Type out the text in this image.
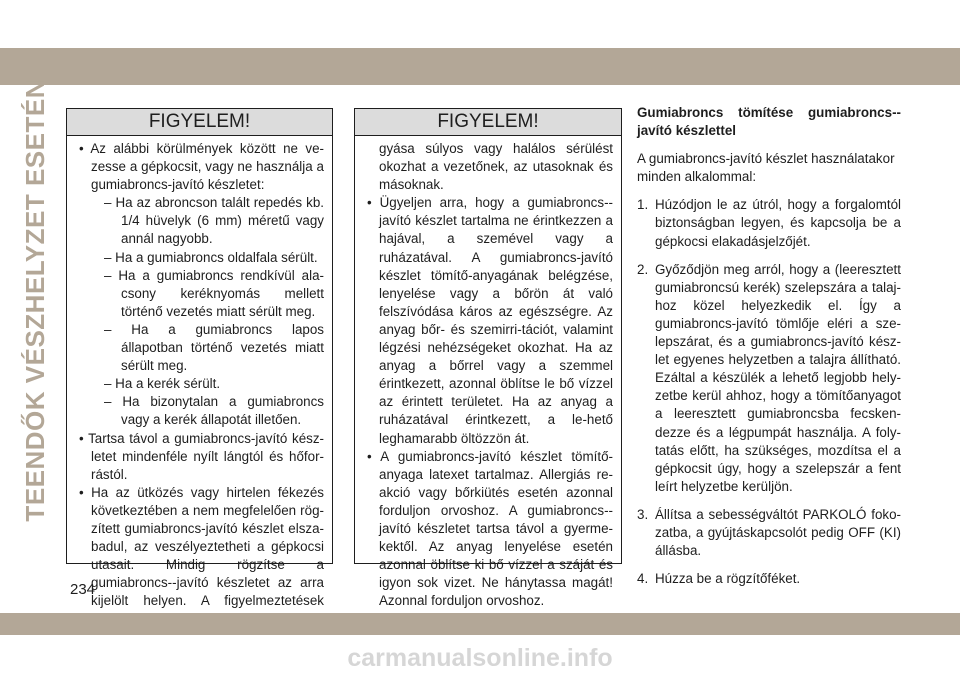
TEENDŐK VÉSZHELYZET ESETÉN	FIGYELEM!

• Az alábbi körülmények között ne ve-zesse a gépkocsit, vagy ne használja a gumiabroncs-javító készletet:

– Ha az abroncson talált repedés kb. 1/4 hüvelyk (6 mm) méretű vagy annál nagyobb.

– Ha a gumiabroncs oldalfala sérült.

– Ha a gumiabroncs rendkívül ala-csony keréknyomás mellett történő vezetés miatt sérült meg.

– Ha a gumiabroncs lapos állapotban történő vezetés miatt sérült meg.

– Ha a kerék sérült.

– Ha bizonytalan a gumiabroncs vagy a kerék állapotát illetően.

• Tartsa távol a gumiabroncs-javító kész-letet mindenféle nyílt lángtól és hőfor-rástól.

• Ha az ütközés vagy hirtelen fékezés következtében a nem megfelelően rög-zített gumiabroncs-javító készlet elsza-badul, az veszélyeztetheti a gépkocsi utasait. Mindig rögzítse a gumiabroncs--javító készletet az arra kijelölt helyen. A figyelmeztetések

FIGYELEM!

gyása súlyos vagy halálos sérülést okozhat a vezetőnek, az utasoknak és másoknak.

• Ügyeljen arra, hogy a gumiabroncs--javító készlet tartalma ne érintkezzen a hajával, a szemével vagy a ruházatával. A gumiabroncs-javító készlet tömítő-anyagának belégzése, lenyelése vagy a bőrön át való felszívódása káros az egészségre. Az anyag bőr- és szemirri-tációt, valamint légzési nehézségeket okozhat. Ha az anyag a bőrrel vagy a szemmel érintkezett, azonnal öblítse le bő vízzel az érintett területet. Ha az anyag a ruházatával érintkezett, a le-hető leghamarabb öltözzön át.

• A gumiabroncs-javító készlet tömítő-anyaga latexet tartalmaz. Allergiás re-akció vagy bőrkiütés esetén azonnal forduljon orvoshoz. A gumiabroncs--javító készletet tartsa távol a gyerme-kektől. Az anyag lenyelése esetén azonnal öblítse ki bő vízzel a száját és igyon sok vizet. Ne hánytassa magát! Azonnal forduljon orvoshoz.

Gumiabroncs tömítése gumiabroncs--javító készlettel

A gumiabroncs-javító készlet használatakor minden alkalommal:

1. Húzódjon le az útról, hogy a forgalomtól biztonságban legyen, és kapcsolja be a gépkocsi elakadásjelzőjét.
2. Győződjön meg arról, hogy a (leeresztett gumiabroncsú kerék) szelepszára a talaj-hoz közel helyezkedik el. Így a gumiabroncs-javító tömlője eléri a sze-lepszárat, és a gumiabroncs-javító kész-let egyenes helyzetben a talajra állítható. Ezáltal a készülék a lehető legjobb hely-zetbe kerül ahhoz, hogy a tömítőanyagot a leeresztett gumiabroncsba fecsken-dezze és a légpumpát használja. A foly-tatás előtt, ha szükséges, mozdítsa el a gépkocsit úgy, hogy a szelepszár a fent leírt helyzetbe kerüljön.
3. Állítsa a sebességváltót PARKOLÓ foko-zatba, a gyújtáskapcsolót pedig OFF (KI) állásba.
4. Húzza be a rögzítőféket.
234
carmanualsonline.info
